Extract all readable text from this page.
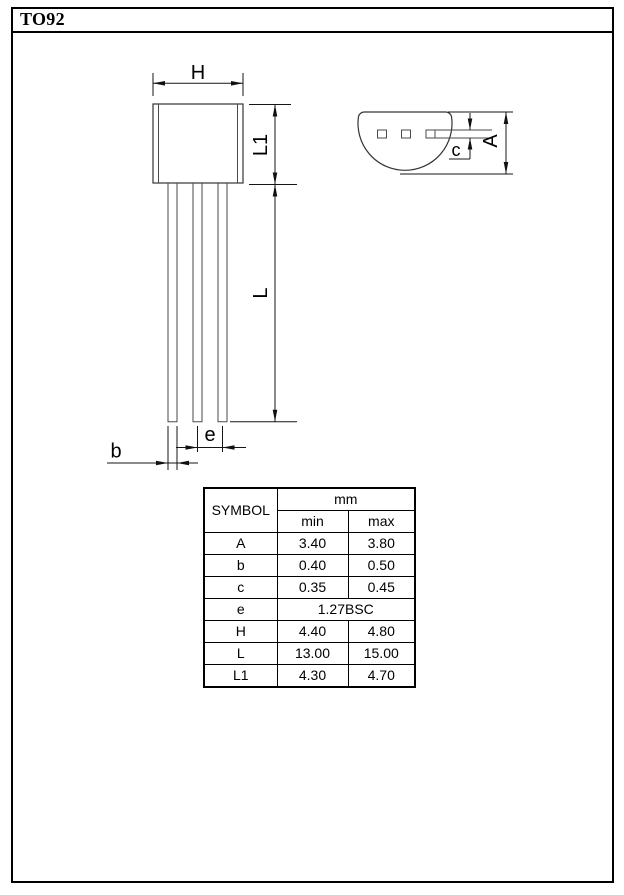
TO92
H
L1
L
e
b
c A
SYMBOL	mm	
	min	max
A	3.40	3.80
b	0.40	0.50
c	0.35	0.45
e	1.27BSC	
H	4.40	4.80
L	13.00	15.00
L1	4.30	4.70
